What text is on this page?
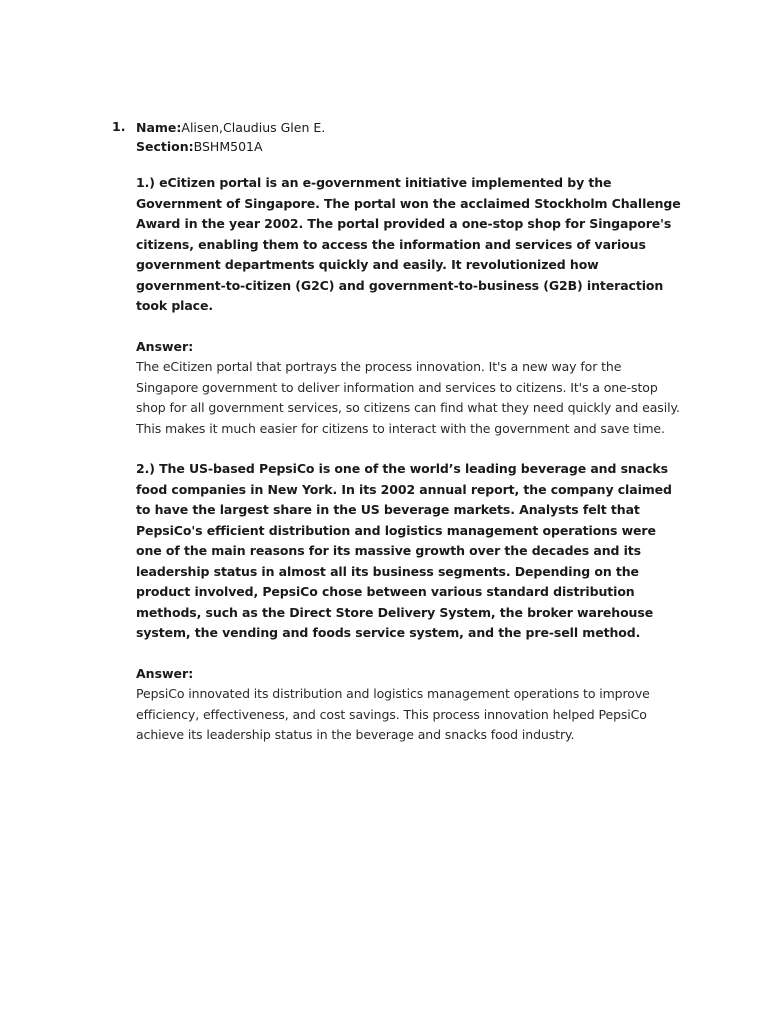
1. Name:Alisen,Claudius Glen E.

Section:BSHM501A

1.) eCitizen portal is an e-government initiative implemented by the Government of Singapore. The portal won the acclaimed Stockholm Challenge Award in the year 2002. The portal provided a one-stop shop for Singapore's citizens, enabling them to access the information and services of various government departments quickly and easily. It revolutionized how government-to-citizen (G2C) and government-to-business (G2B) interaction took place.

Answer:

The eCitizen portal that portrays the process innovation. It's a new way for the Singapore government to deliver information and services to citizens. It's a one-stop shop for all government services, so citizens can find what they need quickly and easily. This makes it much easier for citizens to interact with the government and save time.

2.) The US-based PepsiCo is one of the world’s leading beverage and snacks food companies in New York. In its 2002 annual report, the company claimed to have the largest share in the US beverage markets. Analysts felt that PepsiCo's efficient distribution and logistics management operations were one of the main reasons for its massive growth over the decades and its leadership status in almost all its business segments. Depending on the product involved, PepsiCo chose between various standard distribution methods, such as the Direct Store Delivery System, the broker warehouse system, the vending and foods service system, and the pre-sell method.

Answer:

PepsiCo innovated its distribution and logistics management operations to improve efficiency, effectiveness, and cost savings. This process innovation helped PepsiCo achieve its leadership status in the beverage and snacks food industry.
